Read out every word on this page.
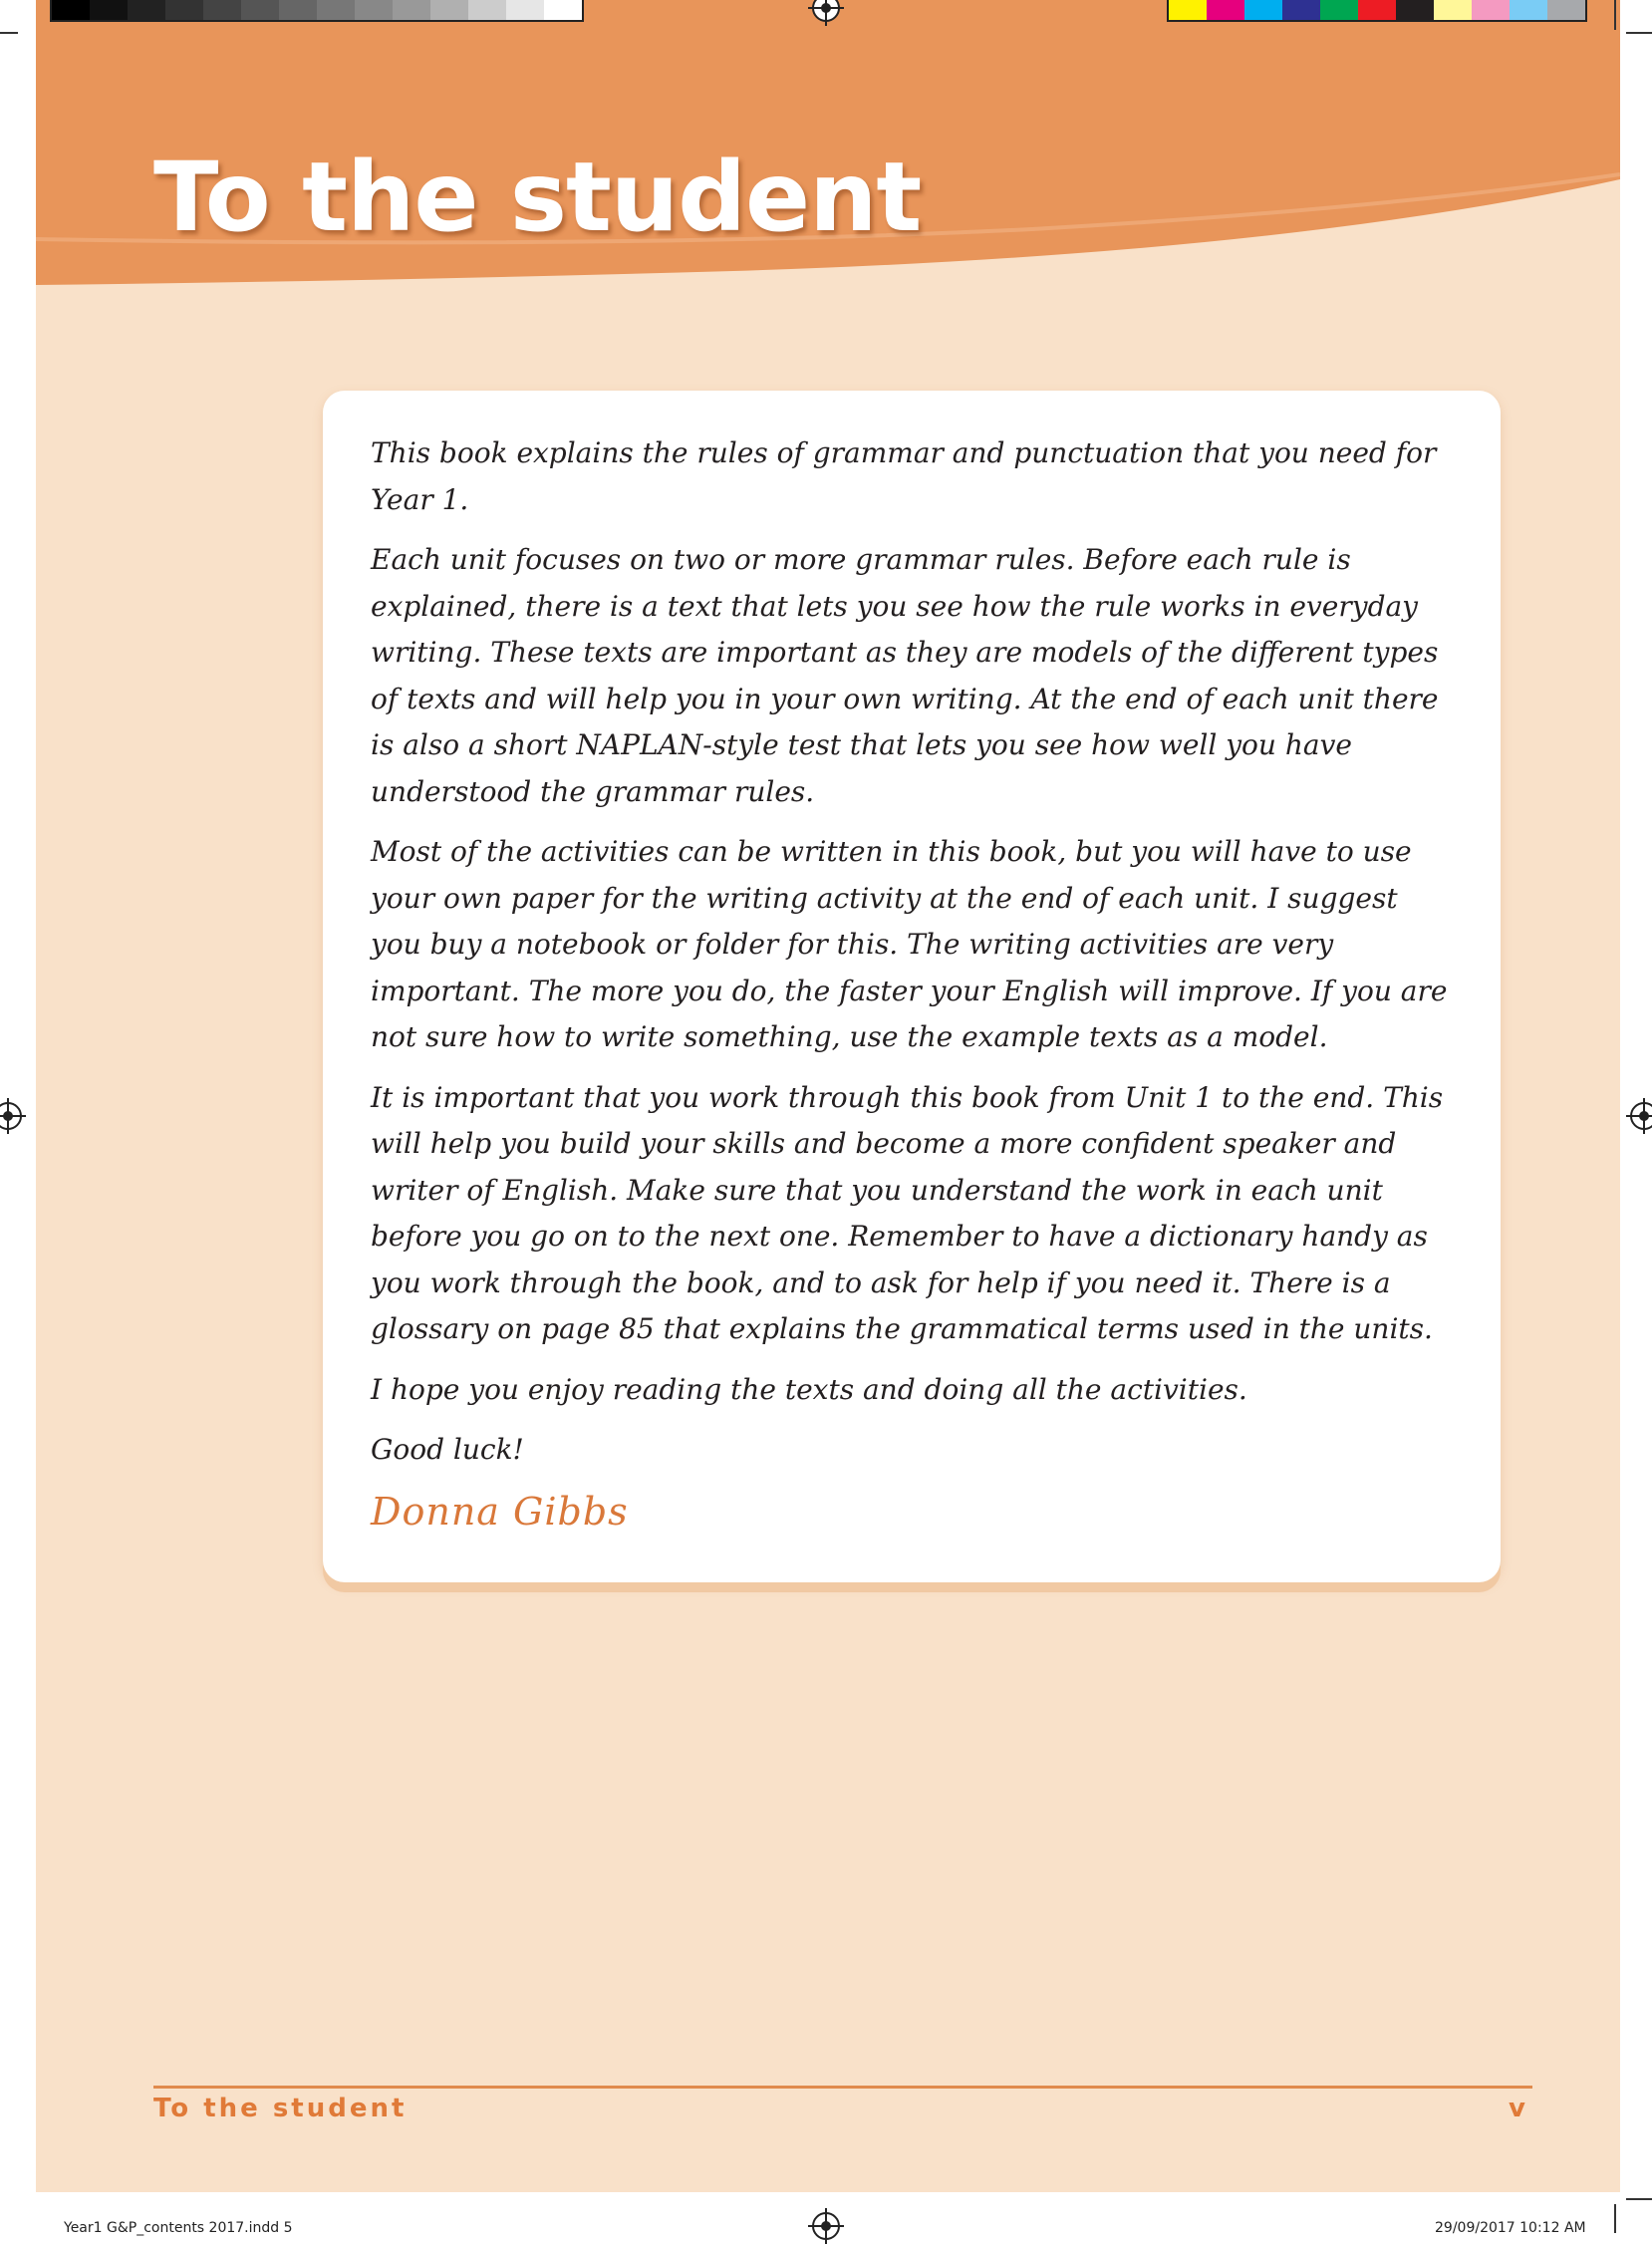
To the student

This book explains the rules of grammar and punctuation that you need for Year 1.

Each unit focuses on two or more grammar rules. Before each rule is explained, there is a text that lets you see how the rule works in everyday writing. These texts are important as they are models of the different types of texts and will help you in your own writing. At the end of each unit there is also a short NAPLAN-style test that lets you see how well you have understood the grammar rules.

Most of the activities can be written in this book, but you will have to use your own paper for the writing activity at the end of each unit. I suggest you buy a notebook or folder for this. The writing activities are very important. The more you do, the faster your English will improve. If you are not sure how to write something, use the example texts as a model.

It is important that you work through this book from Unit 1 to the end. This will help you build your skills and become a more confident speaker and writer of English. Make sure that you understand the work in each unit before you go on to the next one. Remember to have a dictionary handy as you work through the book, and to ask for help if you need it. There is a glossary on page 85 that explains the grammatical terms used in the units.

I hope you enjoy reading the texts and doing all the activities.

Good luck!

Donna Gibbs
To the student	v
Year1 G&P_contents 2017.indd 5	29/09/2017 10:12 AM
